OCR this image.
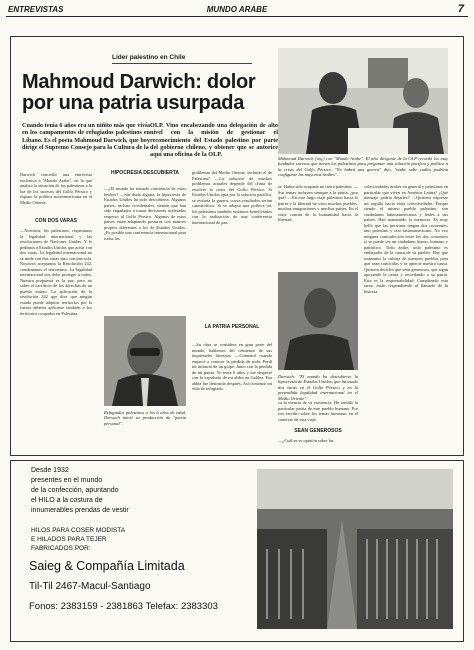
ENTREVISTAS	MUNDO ARABE	7
Líder palestino en Chile
Mahmoud Darwich: dolor por una patria usurpada
Mahmoud Darwich (izq.) con "Mundo Arabe". El alto dirigente de la OLP recordó los muy fundados sucesos que tienen los palestinos para preguntar una solución pacífica y política a la crisis del Golfo Pérsico. "No habrá una guerra" dijo, "nadie sabe cuáles podrían configurar las mayorías árabes".
Cuando tenía 6 años era un niñito más que vivía en los campamentos de refugiados palestinos en Líbano. Es el poeta Mahmoud Darwich, que hoy dirige el Supremo Consejo para la Cultura de la
OLP. Vino encabezando una delegación de alto nivel con la misión de gestionar el reconocimiento del Estado palestino por parte del gobierno chileno, y obtener que se autorice aquí una oficina de la OLP.
Darwich concedió una entrevista exclusiva a "Mundo Arabe", en la que analizó la situación de los palestinos a la luz de los sucesos del Golfo Pérsico y expuso la política norteamericana en el Medio Oriente.
CON DOS VARAS
—Nosotros, los palestinos, respetamos la legalidad internacional y las resoluciones de Naciones Unidas. Y le pedimos a Estados Unidos que actúe con dos varas. La legalidad internacional no se mide con dos varas sino con una sola. Nosotros aceptamos la Resolución 242, condenamos el terrorismo. La legalidad internacional nos debe proteger a todos. Nuestra propuesta es la paz, pero no sobre el sacrificio de los derechos de un pueblo entero. La aplicación de la resolución 242 que dice que ningún estado puede adquirir territorios por la fuerza debería aplicarse también a los territorios ocupados en Palestina.
HIPOCRESIA DESCUBIERTA
—¿El mundo ha tomado conciencia de estos hechos? —Sin duda alguna, la hipocresía de Estados Unidos ha sido descubierta. Algunos países, incluso occidentales, sienten que han sido engañados a tomar decisiones aceleradas respecto al Golfo Pérsico. Algunos de estos países están adoptando posturas con matices propios diferentes a los de Estados Unidos. ¿Es posible una conferencia internacional para todos los
Refugiados palestinos a los 6 años de edad, Darwich inició su producción de "patria personal".
problemas del Medio Oriente, incluido el de Palestina? —La solución de muchos problemas actuales depende del clima de resolver la crisis del Golfo Pérsico. Si Estados Unidos opta por la solución pacífica, se evitaría la guerra, cuyos resultados serían catastróficos. Si se adopta una política tal, los palestinos también seríamos beneficiados con la realización de una conferencia internacional de paz.
LA PATRIA PERSONAL
—Su obra se considera en gran parte del mundo, hablemos del comienzo de sus inquietudes literarias. —Comencé cuando empecé a conocer la pérdida de todo. Perdí mi infancia de un golpe. Junto con la pérdida de mi patria. Yo tenía 6 años y me desperté con la expulsión de mi aldea en Galilea. Esa aldea fue destruida después. Así comenzó mi vida de refugiado.
se. Había sido ocupada mi tierra palestina. —Sus temas incluyen siempre a la patria, ¿por qué? —En este largo viaje palestino hacia la patria y la libertad he visto muchos pueblos, muchas emigraciones y muchos países. En el viaje común de la humanidad hacia la libertad.
Darwich: "El mundo ha descubierto la hipocresía de Estados Unidos, que ha usado dos varas en el Golfo Pérsico y en la pretendida legalidad internacional en el Medio Oriente".
ca la esencia de su existencia. He sentido la particular patria de este pueblo humano. Por eso escribo sobre los temas humanos en el contexto de esta viaje.
SEAN GENEROSOS
—¿Cuál es su opinión sobre las
colectividades árabes en general y palestinas en particular que viven en América Latina? ¿Qué mensaje podría dejarles? —Quisiera expresar mi orgullo hacia estas colectividades. Porque siendo el mismo pueblo palestino, son ciudadanos latinoamericanos y leales a sus países. Han mantenido la memoria. Es muy bello que las personas tengan dos corazones, uno palestino y otro latinoamericano. No veo ninguna contradicción entre los dos corazones si se puede ser un ciudadano bueno, humano y patriótico. Todo árabe, todo palestino es embajador de la causa de su pueblo. Hay que transmitir la cultura de nuestros pueblos para que sean conocidos y se aprecie nuestra causa. Quisiera decirles que sean generosos, que sigan apoyando la causa y recordando a su patria. Esta es la responsabilidad. Cumpliendo esta tarea, están respondiendo al llamado de la historia.
Desde 1932
presentes en el mundo
de la confección, apuntando
el HILO a la costura de
innumerables prendas de vestir
HILOS PARA COSER MODISTA
E HILADOS PARA TEJER
FABRICADOS POR:
Saieg & Compañía Limitada
Til-Til 2467-Macul-Santiago
Fonos: 2383159 - 2381863 Telefax: 2383303
